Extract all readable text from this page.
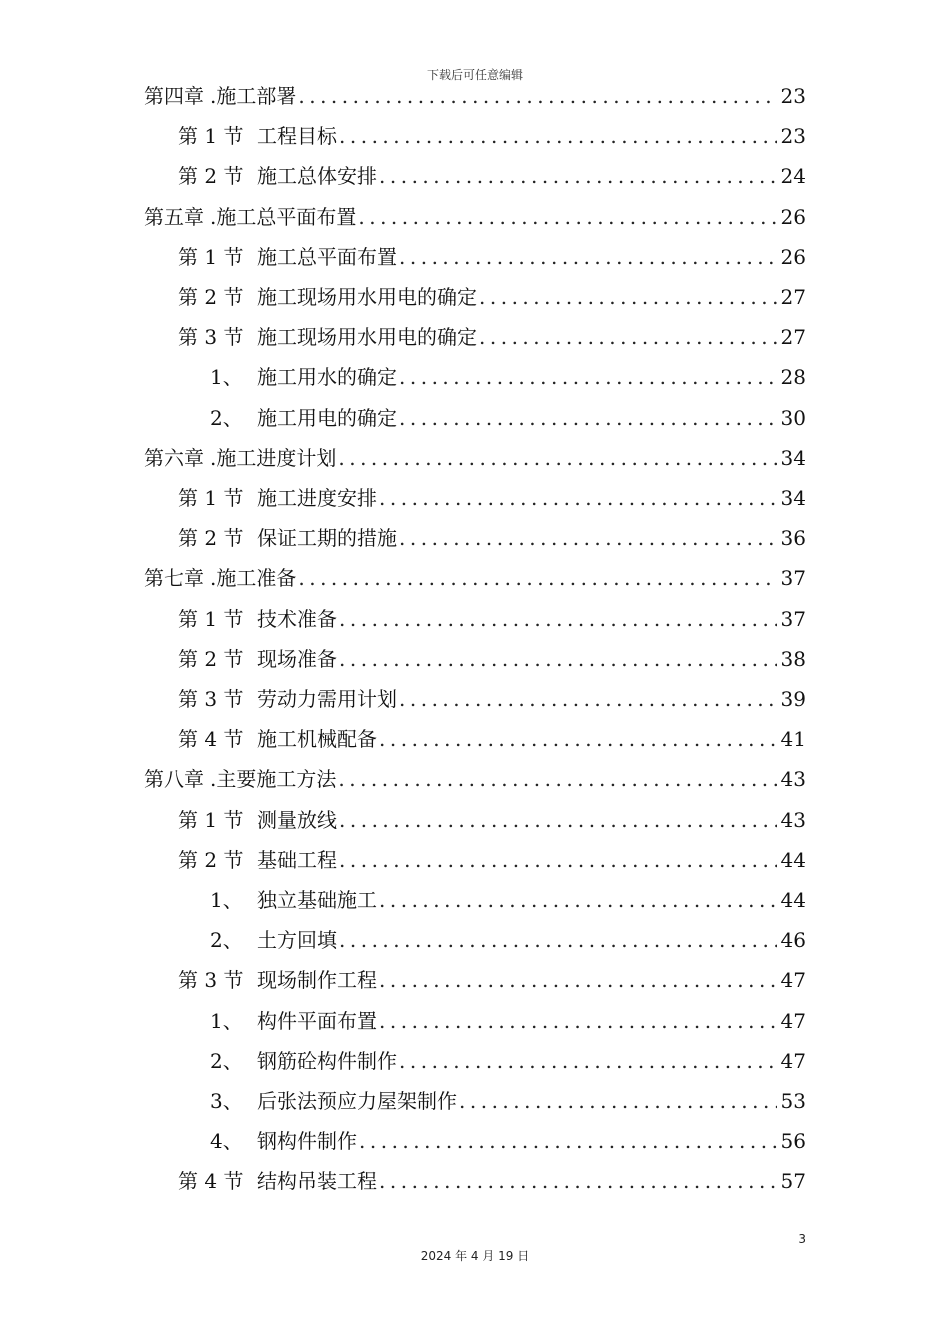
下载后可任意编辑
第四章 .施工部署 .....	23
第 1 节 工程目标 .....	23
第 2 节 施工总体安排 .....	24
第五章 .施工总平面布置 .....	26
第 1 节 施工总平面布置 .....	26
第 2 节 施工现场用水用电的确定 .....	27
第 3 节 施工现场用水用电的确定 .....	27
1、 施工用水的确定 .....	28
2、 施工用电的确定 .....	30
第六章 .施工进度计划 .....	34
第 1 节 施工进度安排 .....	34
第 2 节 保证工期的措施 .....	36
第七章 .施工准备 .....	37
第 1 节 技术准备 .....	37
第 2 节 现场准备 .....	38
第 3 节 劳动力需用计划 .....	39
第 4 节 施工机械配备 .....	41
第八章 .主要施工方法 .....	43
第 1 节 测量放线 .....	43
第 2 节 基础工程 .....	44
1、 独立基础施工 .....	44
2、 土方回填 .....	46
第 3 节 现场制作工程 .....	47
1、 构件平面布置 .....	47
2、 钢筋砼构件制作 .....	47
3、 后张法预应力屋架制作 .....	53
4、 钢构件制作 .....	56
第 4 节 结构吊装工程 .....	57
3
2024 年 4 月 19 日
